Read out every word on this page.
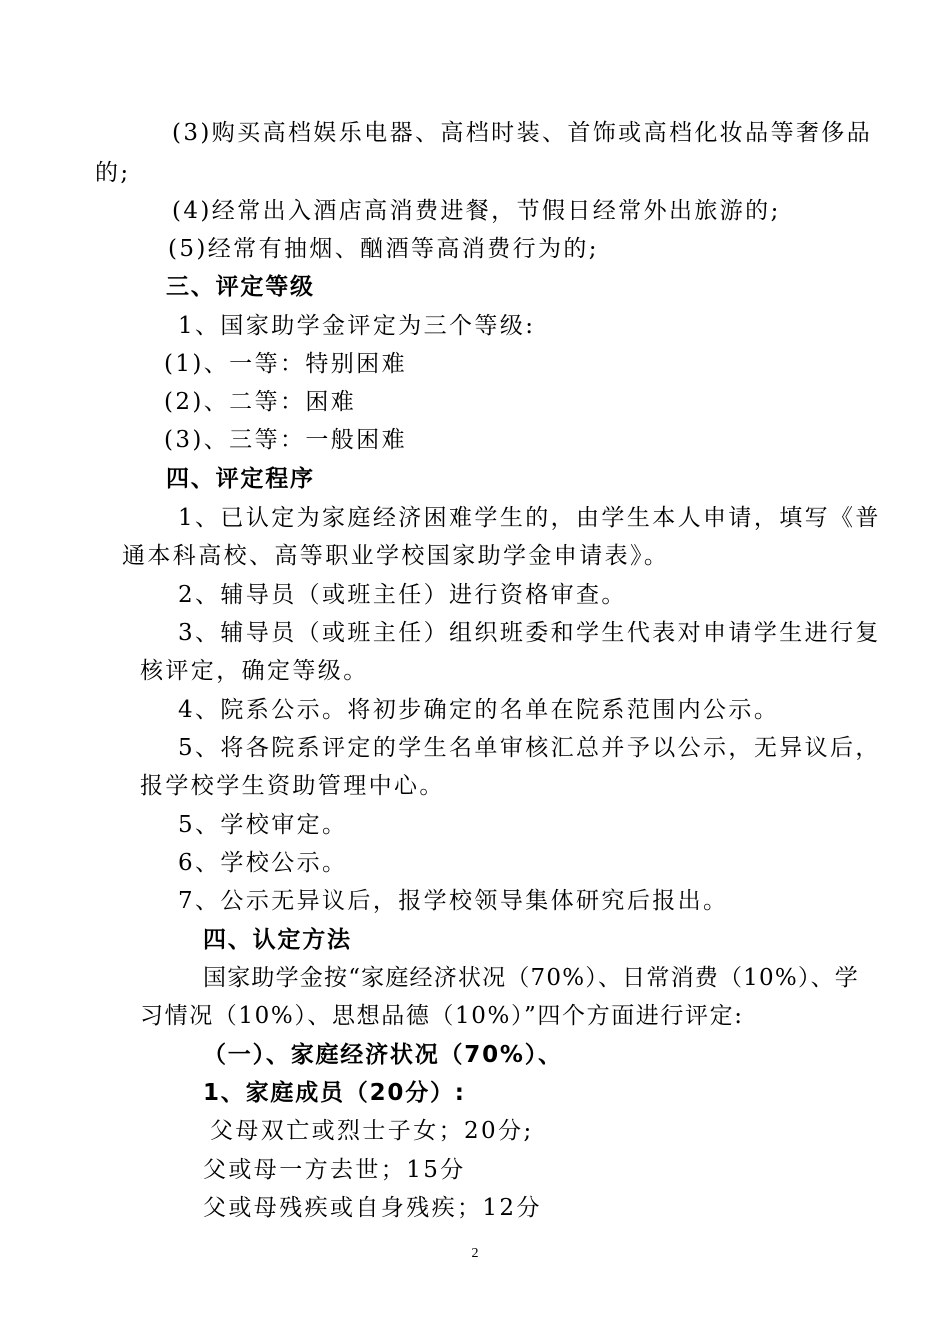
(3)购买高档娱乐电器、高档时装、首饰或高档化妆品等奢侈品
的;
(4)经常出入酒店高消费进餐，节假日经常外出旅游的;
(5)经常有抽烟、酗酒等高消费行为的;
三、评定等级
1、国家助学金评定为三个等级:
(1)、一等：特别困难
(2)、二等：困难
(3)、三等：一般困难
四、评定程序
1、已认定为家庭经济困难学生的，由学生本人申请，填写《普
通本科高校、高等职业学校国家助学金申请表》。
2、辅导员（或班主任）进行资格审查。
3、辅导员（或班主任）组织班委和学生代表对申请学生进行复
核评定，确定等级。
4、院系公示。将初步确定的名单在院系范围内公示。
5、将各院系评定的学生名单审核汇总并予以公示，无异议后，
报学校学生资助管理中心。
5、学校审定。
6、学校公示。
7、公示无异议后，报学校领导集体研究后报出。
四、认定方法
国家助学金按“家庭经济状况（70%）、日常消费（10%）、学
习情况（10%）、思想品德（10%）”四个方面进行评定:
（一）、家庭经济状况（70%）、
1、家庭成员（20分）:
父母双亡或烈士子女；20分;
父或母一方去世；15分
父或母残疾或自身残疾；12分
2
